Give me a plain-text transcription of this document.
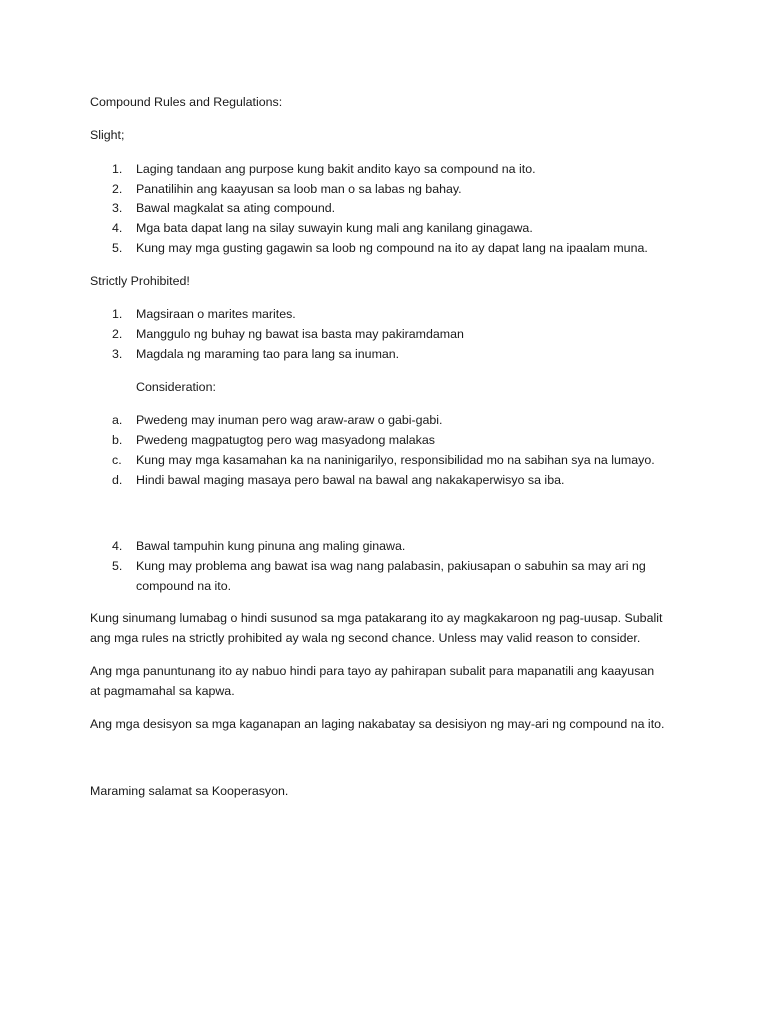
Compound Rules and Regulations:
Slight;
1. Laging tandaan ang purpose kung bakit andito kayo sa compound na ito.
2. Panatilihin ang kaayusan sa loob man o sa labas ng bahay.
3. Bawal magkalat sa ating compound.
4. Mga bata dapat lang na silay suwayin kung mali ang kanilang ginagawa.
5. Kung may mga gusting gagawin sa loob ng compound na ito ay dapat lang na ipaalam muna.
Strictly Prohibited!
1. Magsiraan o marites marites.
2. Manggulo ng buhay ng bawat isa basta may pakiramdaman
3. Magdala ng maraming tao para lang sa inuman.
Consideration:
a. Pwedeng may inuman pero wag araw-araw o gabi-gabi.
b. Pwedeng magpatugtog pero wag masyadong malakas
c. Kung may mga kasamahan ka na naninigarilyo, responsibilidad mo na sabihan sya na lumayo.
d. Hindi bawal maging masaya pero bawal na bawal ang nakakaperwisyo sa iba.
4. Bawal tampuhin kung pinuna ang maling ginawa.
5. Kung may problema ang bawat isa wag nang palabasin, pakiusapan o sabuhin sa may ari ng
compound na ito.
Kung sinumang lumabag o hindi susunod sa mga patakarang ito ay magkakaroon ng pag-uusap. Subalit
ang mga rules na strictly prohibited ay wala ng second chance. Unless may valid reason to consider.
Ang mga panuntunang ito ay nabuo hindi para tayo ay pahirapan subalit para mapanatili ang kaayusan
at pagmamahal sa kapwa.
Ang mga desisyon sa mga kaganapan an laging nakabatay sa desisiyon ng may-ari ng compound na ito.
Maraming salamat sa Kooperasyon.
